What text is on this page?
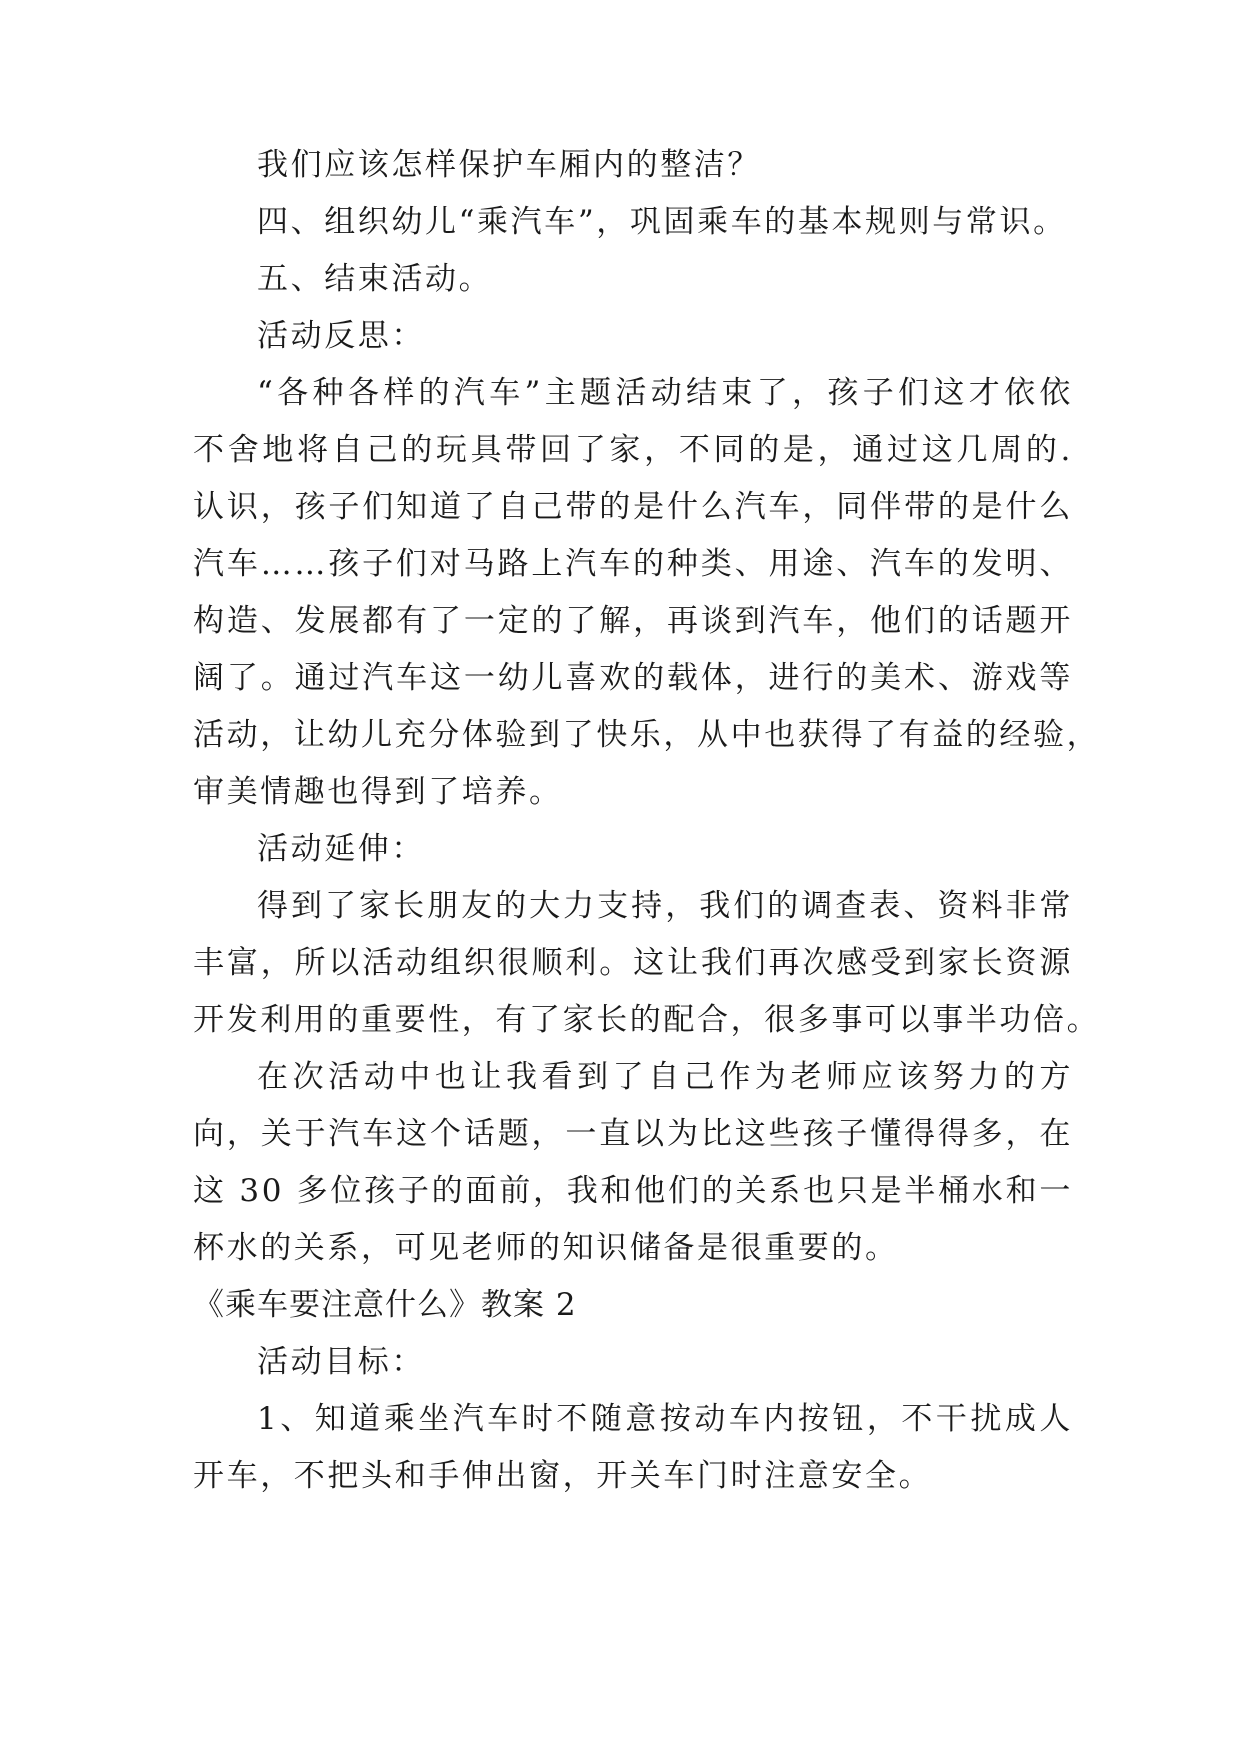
我们应该怎样保护车厢内的整洁？
四、组织幼儿“乘汽车”，巩固乘车的基本规则与常识。
五、结束活动。
活动反思：
“各种各样的汽车”主题活动结束了，孩子们这才依依
不舍地将自己的玩具带回了家，不同的是，通过这几周的.
认识，孩子们知道了自己带的是什么汽车，同伴带的是什么
汽车……孩子们对马路上汽车的种类、用途、汽车的发明、
构造、发展都有了一定的了解，再谈到汽车，他们的话题开
阔了。通过汽车这一幼儿喜欢的载体，进行的美术、游戏等
活动，让幼儿充分体验到了快乐，从中也获得了有益的经验，
审美情趣也得到了培养。
活动延伸：
得到了家长朋友的大力支持，我们的调查表、资料非常
丰富，所以活动组织很顺利。这让我们再次感受到家长资源
开发利用的重要性，有了家长的配合，很多事可以事半功倍。
在次活动中也让我看到了自己作为老师应该努力的方
向，关于汽车这个话题，一直以为比这些孩子懂得得多，在
这 30 多位孩子的面前，我和他们的关系也只是半桶水和一
杯水的关系，可见老师的知识储备是很重要的。
《乘车要注意什么》教案 2
活动目标：
1、知道乘坐汽车时不随意按动车内按钮，不干扰成人
开车，不把头和手伸出窗，开关车门时注意安全。
